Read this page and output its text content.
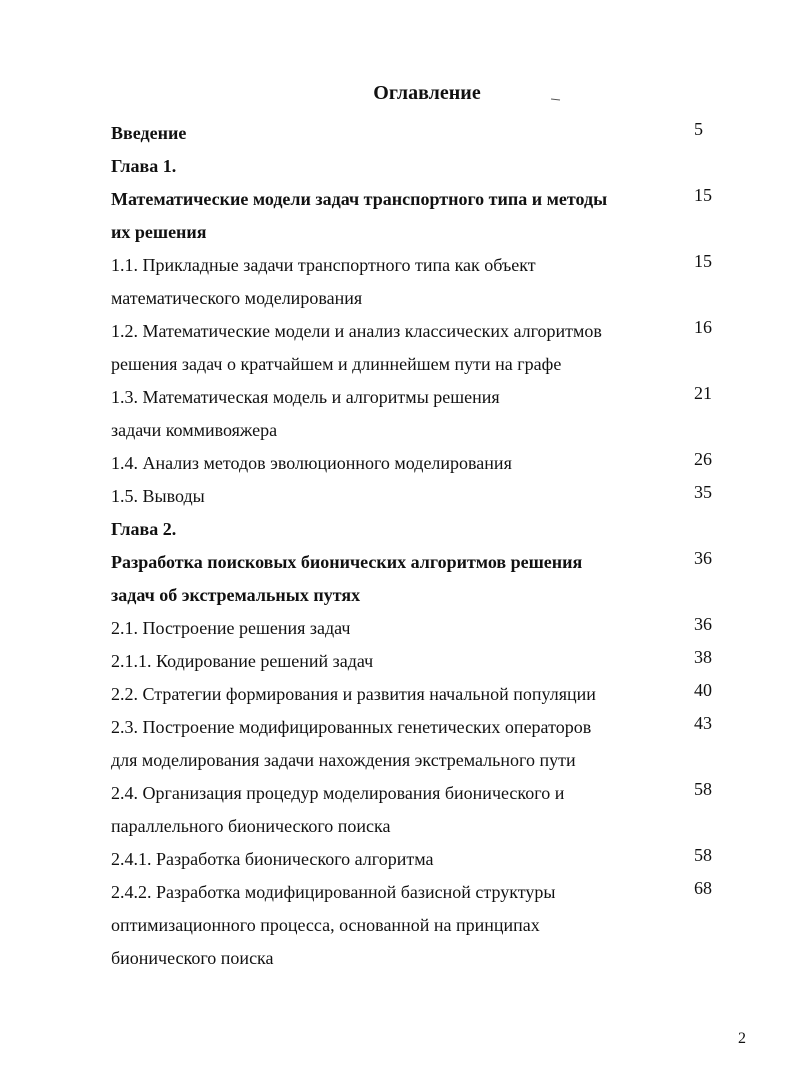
Оглавление
Введение	5
Глава 1.
Математические модели задач транспортного типа и методы	15
их решения
1.1. Прикладные задачи транспортного типа как объект	15
математического моделирования
1.2. Математические модели и анализ классических алгоритмов	16
решения задач о кратчайшем и длиннейшем пути на графе
1.3. Математическая модель и алгоритмы решения	21
задачи коммивояжера
1.4. Анализ методов эволюционного моделирования	26
1.5. Выводы	35
Глава 2.
Разработка поисковых бионических алгоритмов решения	36
задач об экстремальных путях
2.1. Построение решения задач	36
2.1.1. Кодирование решений задач	38
2.2. Стратегии формирования и развития начальной популяции	40
2.3. Построение модифицированных генетических операторов	43
для моделирования задачи нахождения экстремального пути
2.4. Организация процедур моделирования бионического и	58
параллельного бионического поиска
2.4.1. Разработка бионического алгоритма	58
2.4.2. Разработка модифицированной базисной структуры	68
оптимизационного процесса, основанной на принципах
бионического поиска
2
